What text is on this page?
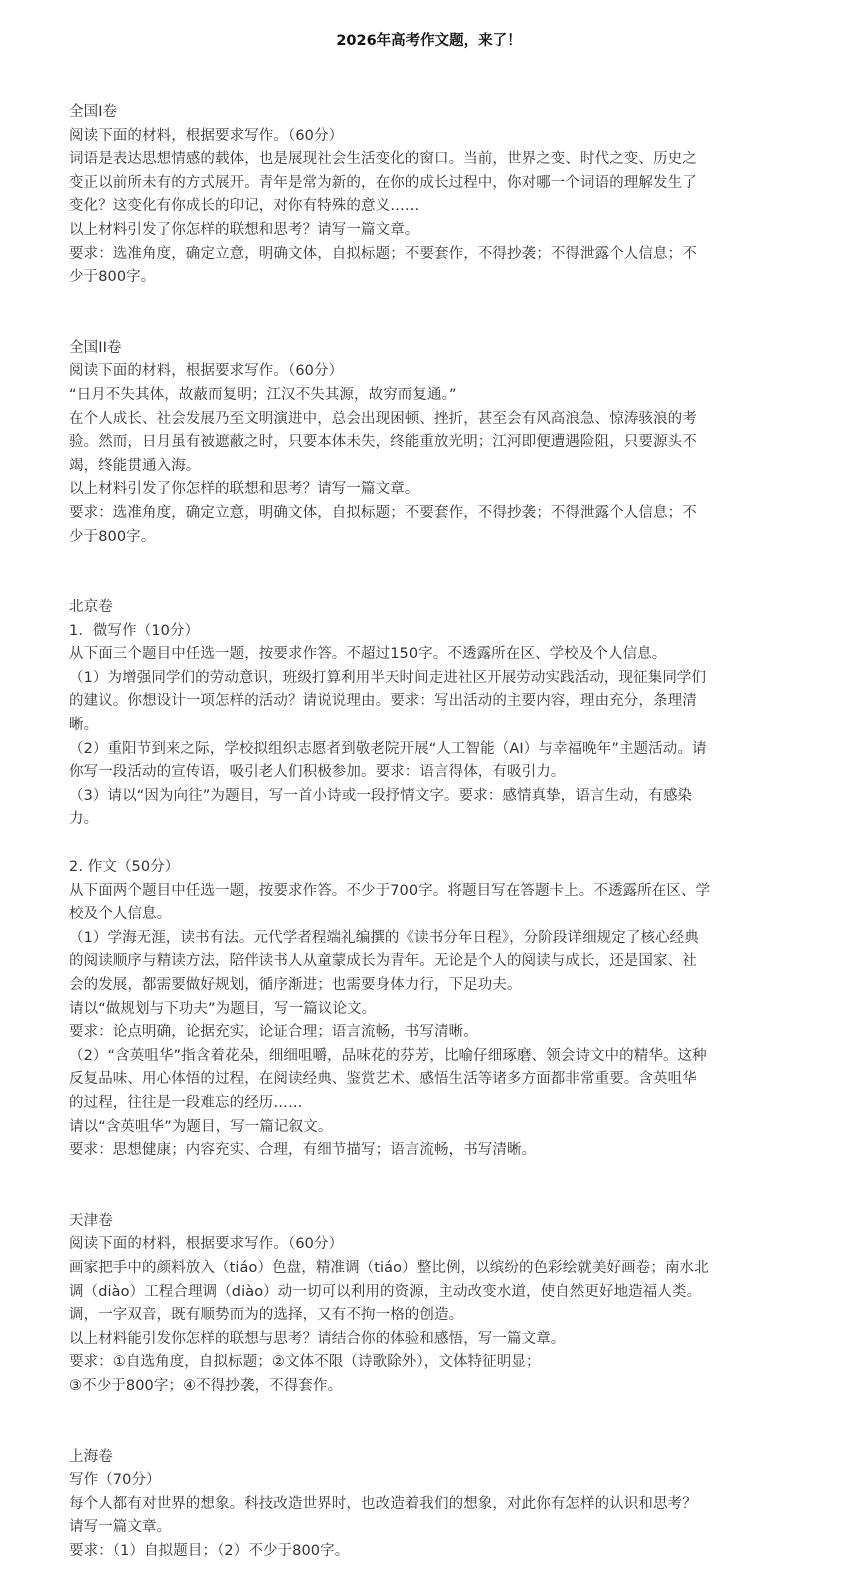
2026年高考作文题，来了！

全国I卷

阅读下面的材料，根据要求写作。（60分）

词语是表达思想情感的载体，也是展现社会生活变化的窗口。当前，世界之变、时代之变、历史之

变正以前所未有的方式展开。青年是常为新的，在你的成长过程中，你对哪一个词语的理解发生了

变化？这变化有你成长的印记，对你有特殊的意义……

以上材料引发了你怎样的联想和思考？请写一篇文章。

要求：选准角度，确定立意，明确文体，自拟标题；不要套作，不得抄袭；不得泄露个人信息；不

少于800字。

全国II卷

阅读下面的材料，根据要求写作。（60分）

“日月不失其体，故蔽而复明；江汉不失其源，故穷而复通。”

在个人成长、社会发展乃至文明演进中，总会出现困顿、挫折，甚至会有风高浪急、惊涛骇浪的考

验。然而，日月虽有被遮蔽之时，只要本体未失，终能重放光明；江河即便遭遇险阻，只要源头不

竭，终能贯通入海。

以上材料引发了你怎样的联想和思考？请写一篇文章。

要求：选准角度，确定立意，明确文体，自拟标题；不要套作，不得抄袭；不得泄露个人信息；不

少于800字。

北京卷

1．微写作（10分）

从下面三个题目中任选一题，按要求作答。不超过150字。不透露所在区、学校及个人信息。

（1）为增强同学们的劳动意识，班级打算利用半天时间走进社区开展劳动实践活动，现征集同学们

的建议。你想设计一项怎样的活动？请说说理由。要求：写出活动的主要内容，理由充分，条理清

晰。

（2）重阳节到来之际，学校拟组织志愿者到敬老院开展“人工智能（AI）与幸福晚年”主题活动。请

你写一段活动的宣传语，吸引老人们积极参加。要求：语言得体，有吸引力。

（3）请以“因为向往”为题目，写一首小诗或一段抒情文字。要求：感情真挚，语言生动，有感染

力。

2. 作文（50分）

从下面两个题目中任选一题，按要求作答。不少于700字。将题目写在答题卡上。不透露所在区、学

校及个人信息。

（1）学海无涯，读书有法。元代学者程端礼编撰的《读书分年日程》，分阶段详细规定了核心经典

的阅读顺序与精读方法，陪伴读书人从童蒙成长为青年。无论是个人的阅读与成长，还是国家、社

会的发展，都需要做好规划，循序渐进；也需要身体力行，下足功夫。

请以“做规划与下功夫”为题目，写一篇议论文。

要求：论点明确，论据充实，论证合理；语言流畅，书写清晰。

（2）“含英咀华”指含着花朵，细细咀嚼，品味花的芬芳，比喻仔细琢磨、领会诗文中的精华。这种

反复品味、用心体悟的过程，在阅读经典、鉴赏艺术、感悟生活等诸多方面都非常重要。含英咀华

的过程，往往是一段难忘的经历……

请以“含英咀华”为题目，写一篇记叙文。

要求：思想健康；内容充实、合理，有细节描写；语言流畅，书写清晰。

天津卷

阅读下面的材料，根据要求写作。（60分）

画家把手中的颜料放入（tiáo）色盘，精准调（tiáo）整比例，以缤纷的色彩绘就美好画卷；南水北

调（diào）工程合理调（diào）动一切可以利用的资源，主动改变水道，使自然更好地造福人类。

调，一字双音，既有顺势而为的选择，又有不拘一格的创造。

以上材料能引发你怎样的联想与思考？请结合你的体验和感悟，写一篇文章。

要求：①自选角度，自拟标题；②文体不限（诗歌除外），文体特征明显；

③不少于800字；④不得抄袭，不得套作。

上海卷

写作（70分）

每个人都有对世界的想象。科技改造世界时，也改造着我们的想象，对此你有怎样的认识和思考？

请写一篇文章。

要求：（1）自拟题目；（2）不少于800字。
